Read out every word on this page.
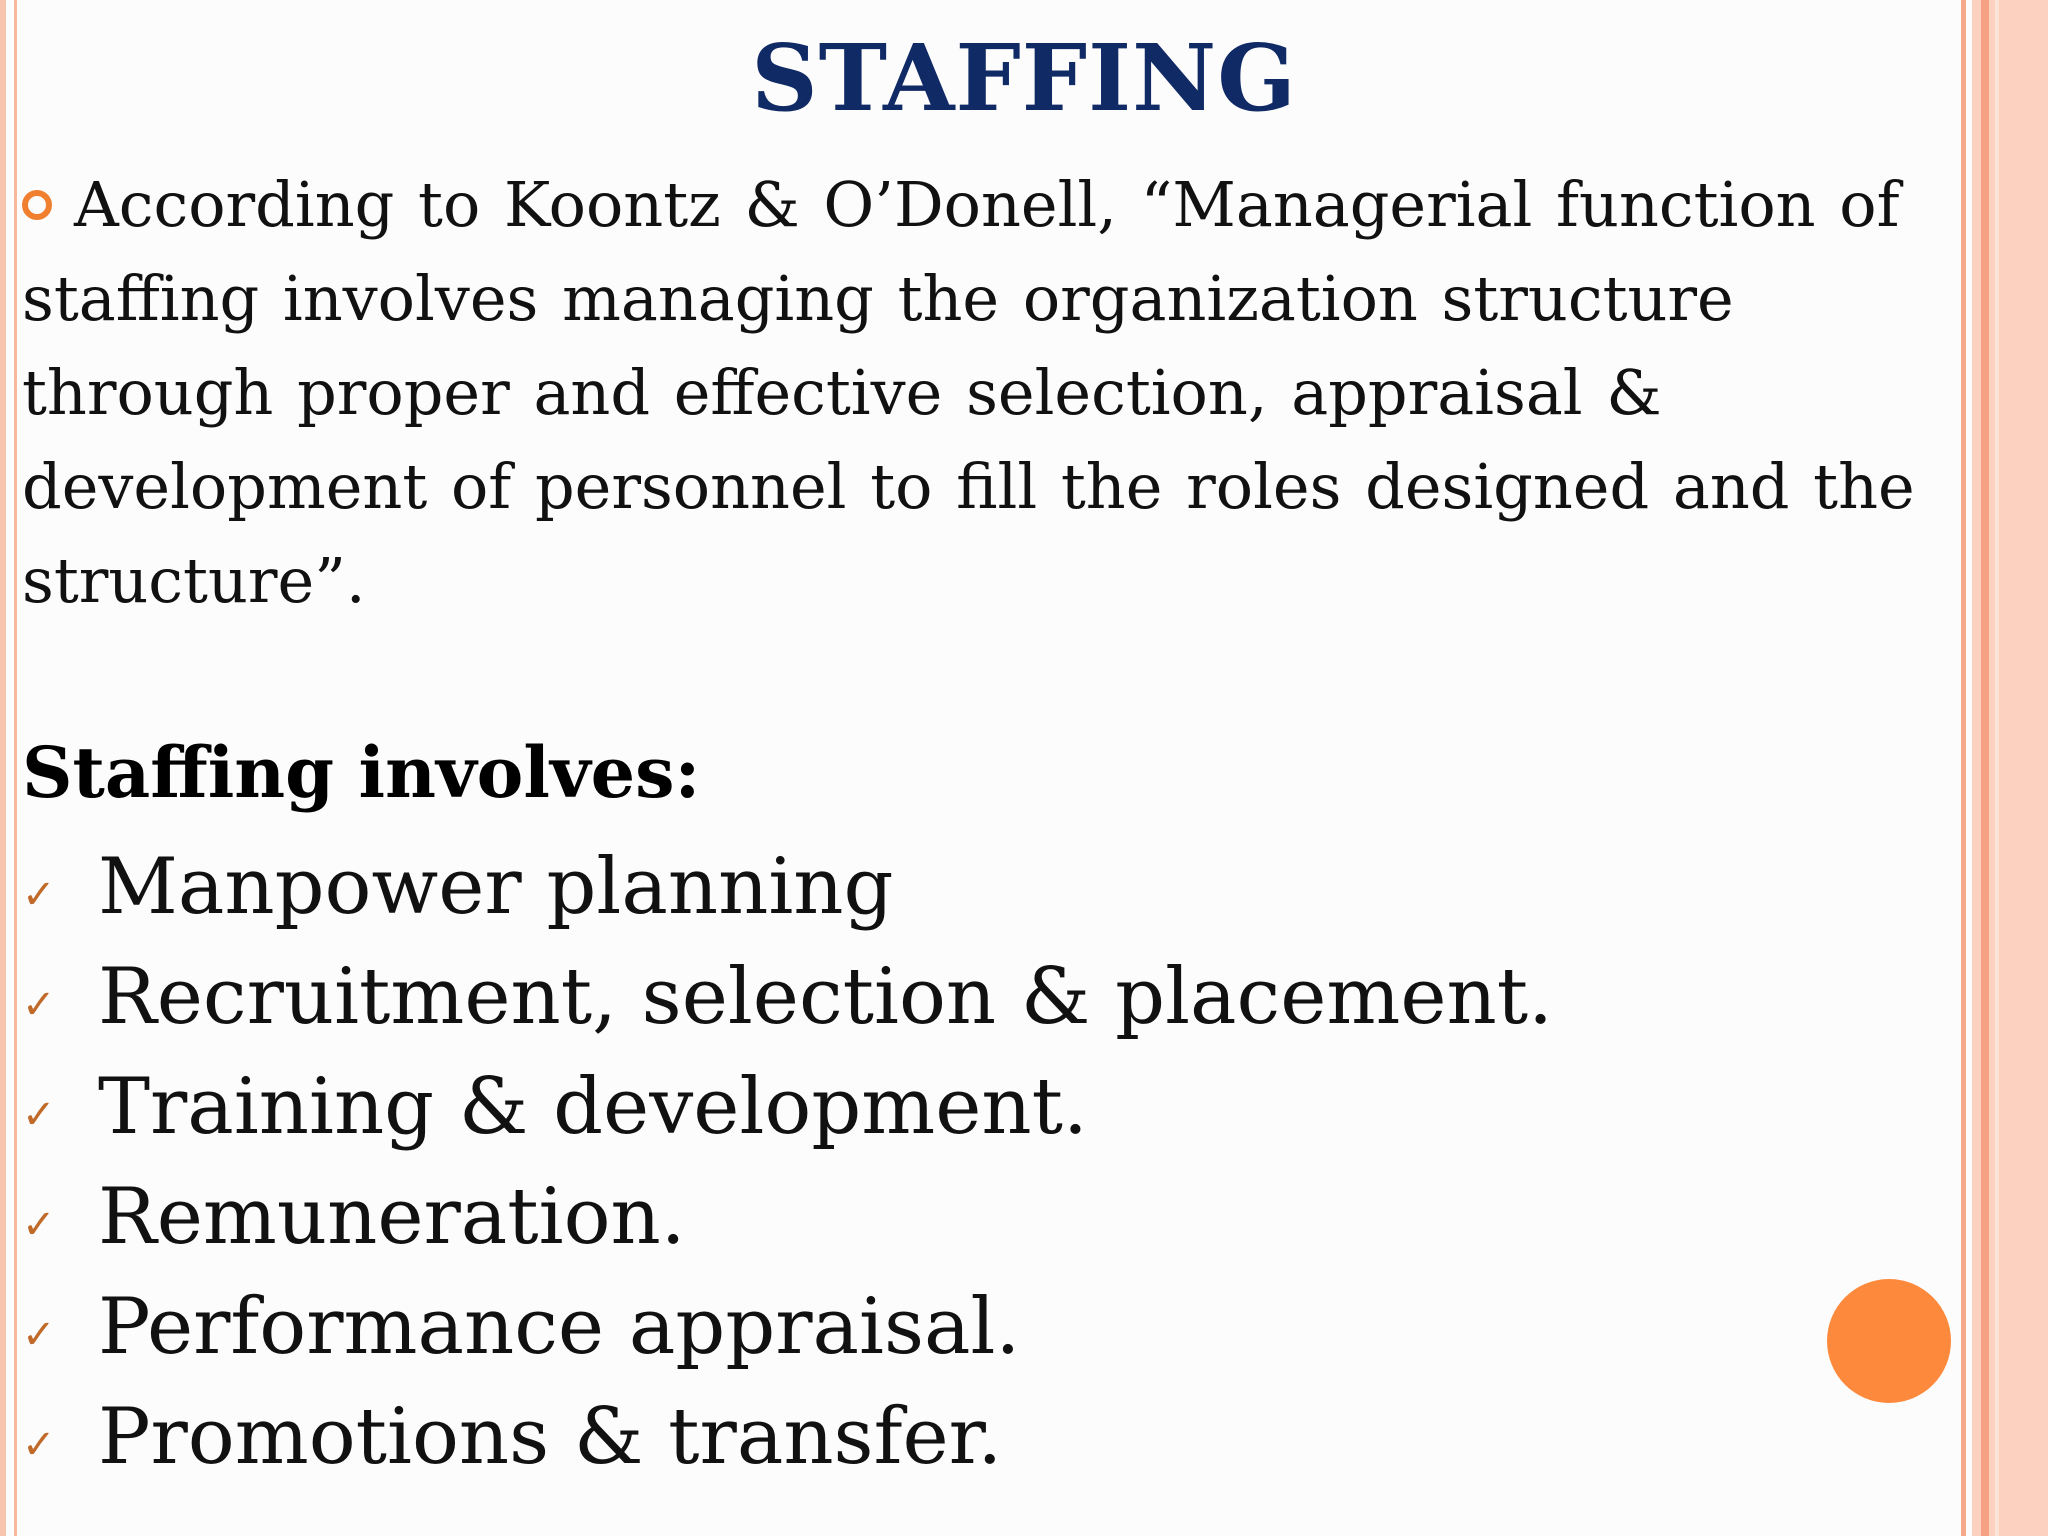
STAFFING
According to Koontz & O’Donell, “Managerial function of staffing involves managing the organization structure through proper and effective selection, appraisal & development of personnel to fill the roles designed and the structure”.
Staffing involves:
✓ Manpower planning
✓ Recruitment, selection & placement.
✓ Training & development.
✓ Remuneration.
✓ Performance appraisal.
✓ Promotions & transfer.
